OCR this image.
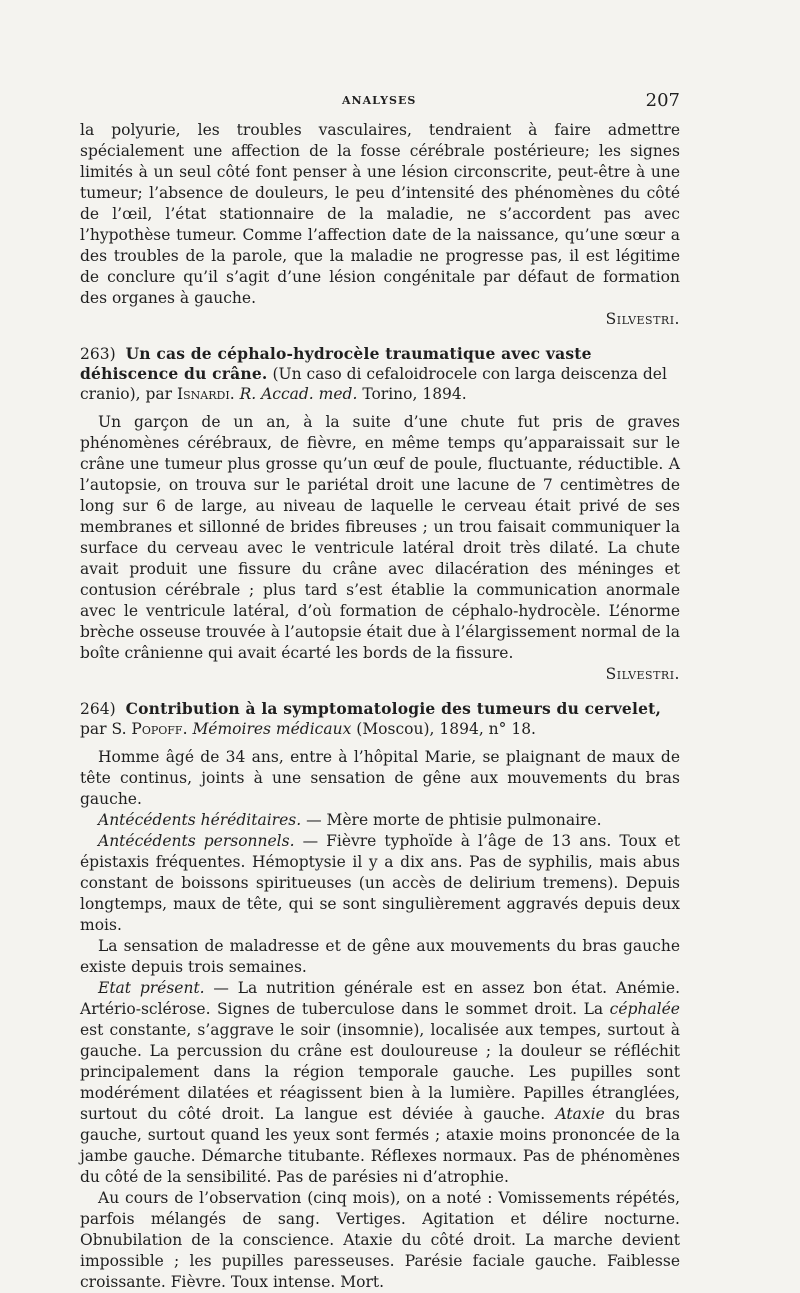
ANALYSES	207

la polyurie, les troubles vasculaires, tendraient à faire admettre spécialement une affection de la fosse cérébrale postérieure; les signes limités à un seul côté font penser à une lésion circonscrite, peut-être à une tumeur; l’absence de douleurs, le peu d’intensité des phénomènes du côté de l’œil, l’état stationnaire de la maladie, ne s’accordent pas avec l’hypothèse tumeur. Comme l’affection date de la naissance, qu’une sœur a des troubles de la parole, que la maladie ne progresse pas, il est légitime de conclure qu’il s’agit d’une lésion congénitale par défaut de formation des organes à gauche.

Silvestri.

263) Un cas de céphalo-hydrocèle traumatique avec vaste déhiscence du crâne. (Un caso di cefaloidrocele con larga deiscenza del cranio), par Isnardi. R. Accad. med. Torino, 1894.

Un garçon de un an, à la suite d’une chute fut pris de graves phénomènes cérébraux, de fièvre, en même temps qu’apparaissait sur le crâne une tumeur plus grosse qu’un œuf de poule, fluctuante, réductible. A l’autopsie, on trouva sur le pariétal droit une lacune de 7 centimètres de long sur 6 de large, au niveau de laquelle le cerveau était privé de ses membranes et sillonné de brides fibreuses ; un trou faisait communiquer la surface du cerveau avec le ventricule latéral droit très dilaté. La chute avait produit une fissure du crâne avec dilacération des méninges et contusion cérébrale ; plus tard s’est établie la communication anormale avec le ventricule latéral, d’où formation de céphalo-hydrocèle. L’énorme brèche osseuse trouvée à l’autopsie était due à l’élargissement normal de la boîte crânienne qui avait écarté les bords de la fissure.

Silvestri.

264) Contribution à la symptomatologie des tumeurs du cervelet, par S. Popoff. Mémoires médicaux (Moscou), 1894, n° 18.

Homme âgé de 34 ans, entre à l’hôpital Marie, se plaignant de maux de tête continus, joints à une sensation de gêne aux mouvements du bras gauche.

Antécédents héréditaires. — Mère morte de phtisie pulmonaire.

Antécédents personnels. — Fièvre typhoïde à l’âge de 13 ans. Toux et épistaxis fréquentes. Hémoptysie il y a dix ans. Pas de syphilis, mais abus constant de boissons spiritueuses (un accès de delirium tremens). Depuis longtemps, maux de tête, qui se sont singulièrement aggravés depuis deux mois.

La sensation de maladresse et de gêne aux mouvements du bras gauche existe depuis trois semaines.

Etat présent. — La nutrition générale est en assez bon état. Anémie. Artério-sclérose. Signes de tuberculose dans le sommet droit. La céphalée est constante, s’aggrave le soir (insomnie), localisée aux tempes, surtout à gauche. La percussion du crâne est douloureuse ; la douleur se réfléchit principalement dans la région temporale gauche. Les pupilles sont modérément dilatées et réagissent bien à la lumière. Papilles étranglées, surtout du côté droit. La langue est déviée à gauche. Ataxie du bras gauche, surtout quand les yeux sont fermés ; ataxie moins prononcée de la jambe gauche. Démarche titubante. Réflexes normaux. Pas de phénomènes du côté de la sensibilité. Pas de parésies ni d’atrophie.

Au cours de l’observation (cinq mois), on a noté : Vomissements répétés, parfois mélangés de sang. Vertiges. Agitation et délire nocturne. Obnubilation de la conscience. Ataxie du côté droit. La marche devient impossible ; les pupilles paresseuses. Parésie faciale gauche. Faiblesse croissante. Fièvre. Toux intense. Mort.
